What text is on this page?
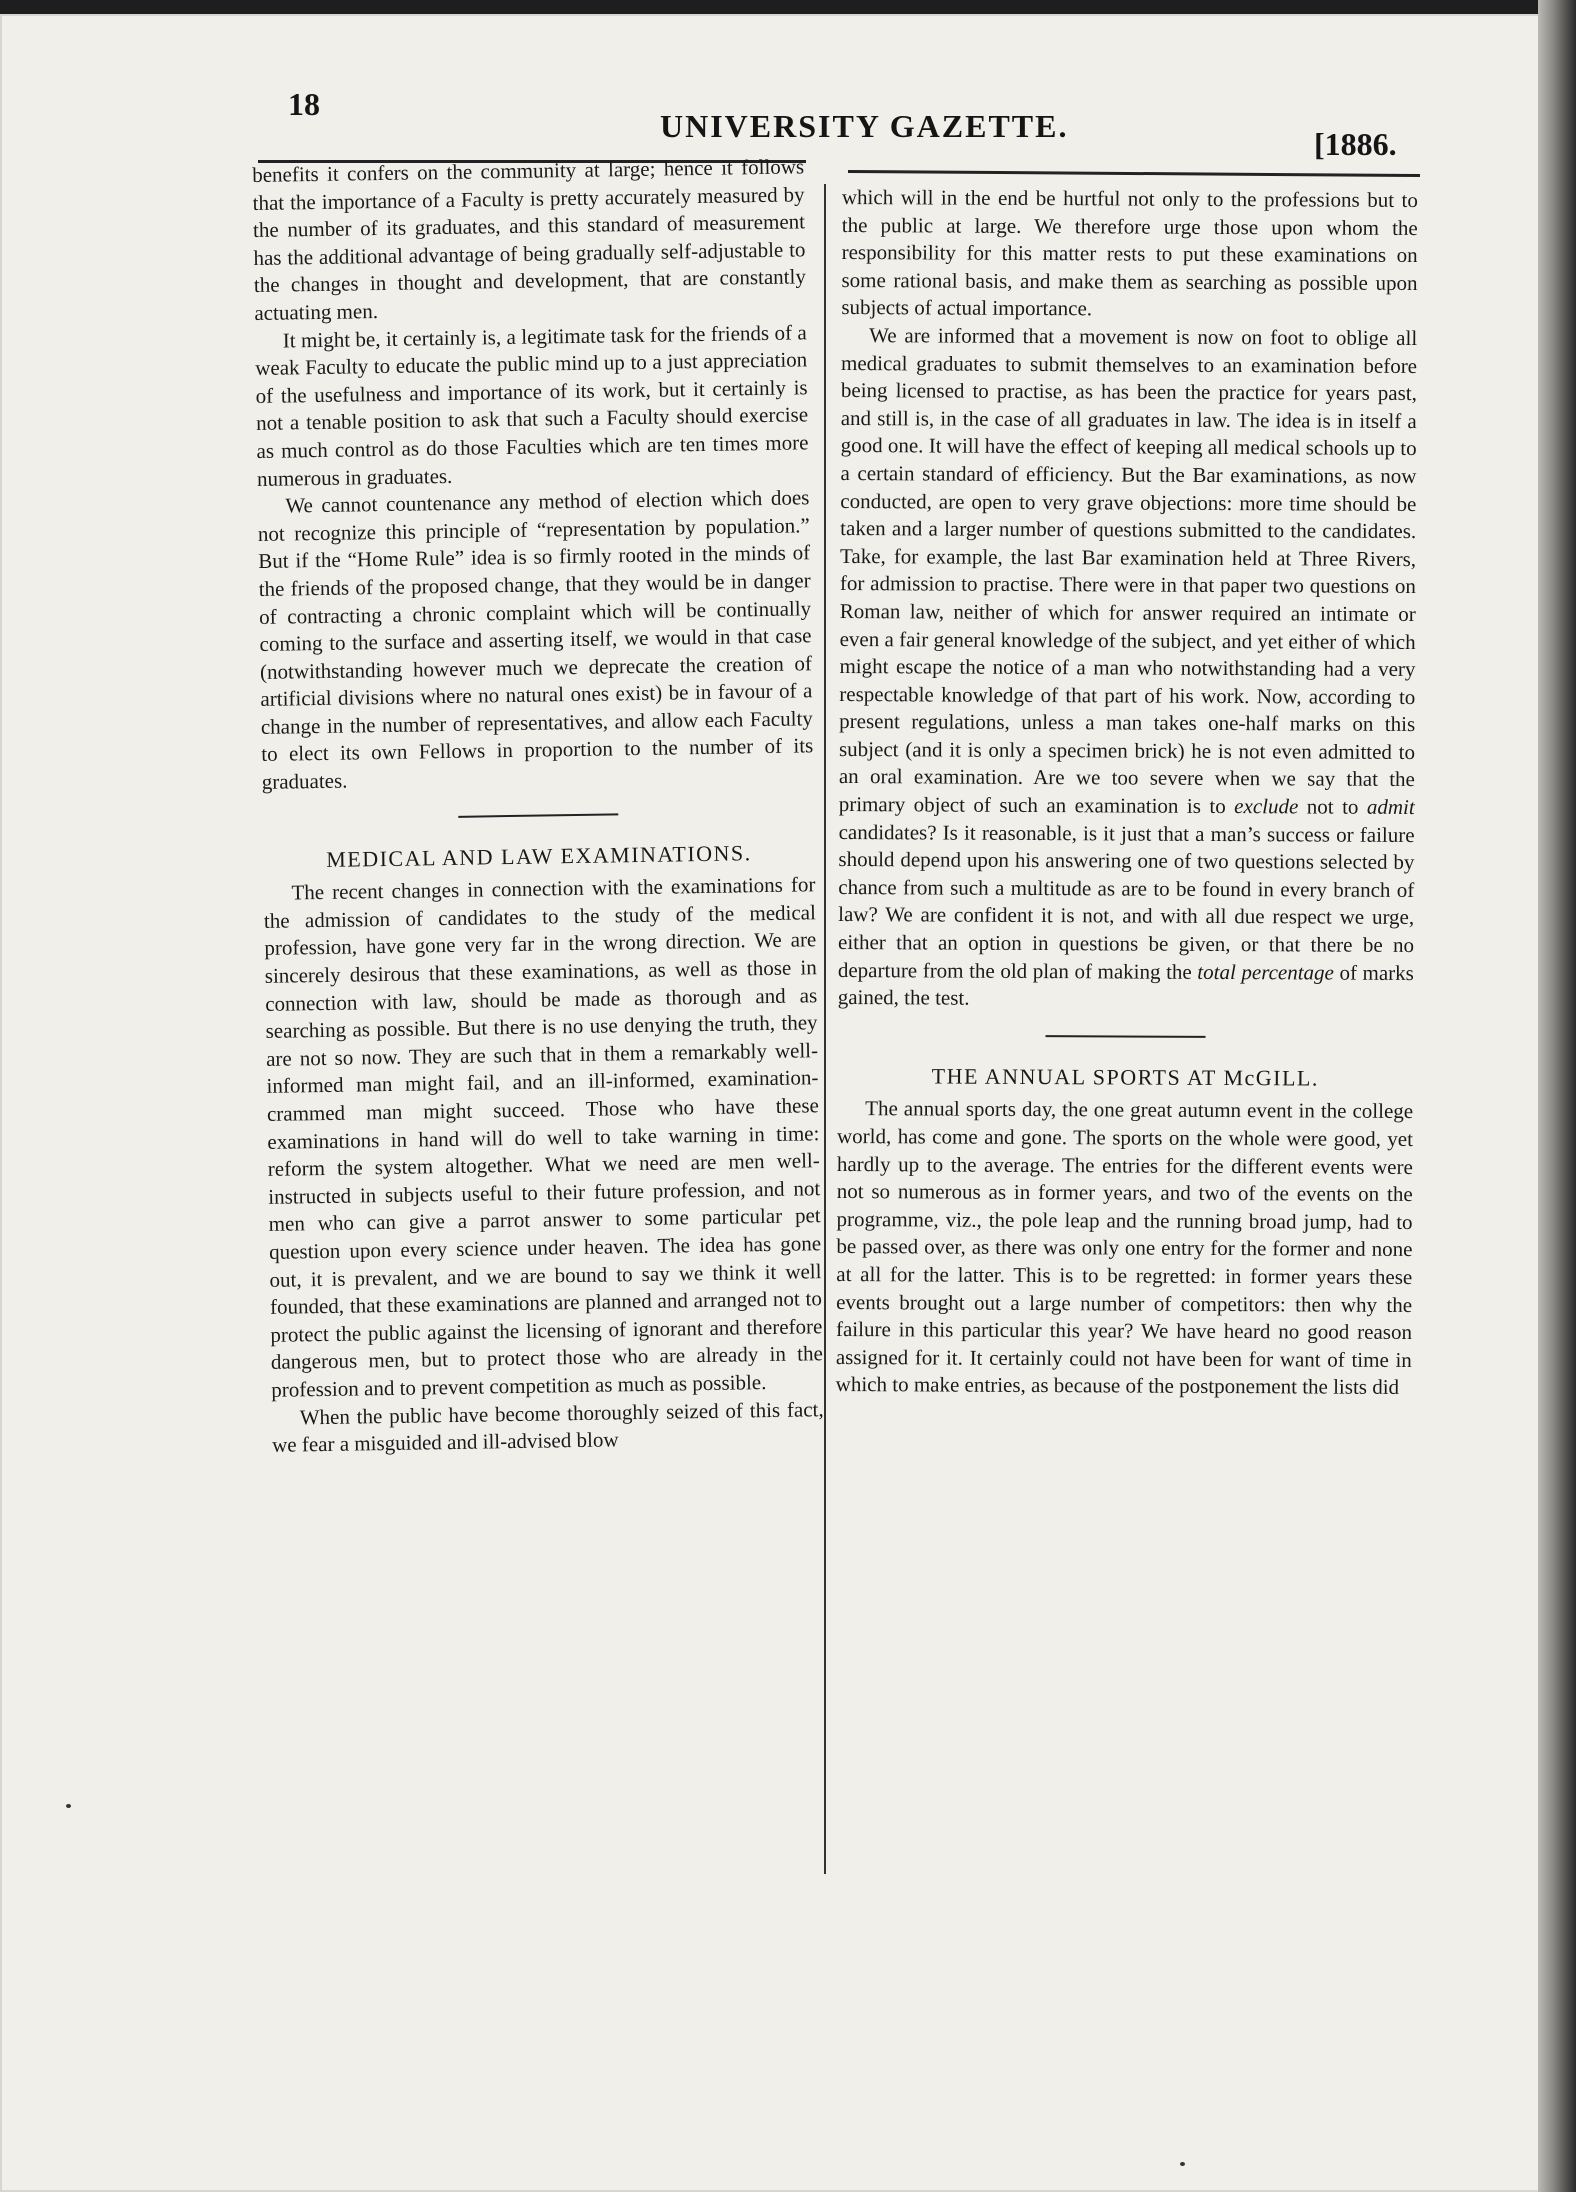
18
UNIVERSITY GAZETTE.	[1886.

benefits it confers on the community at large; hence it follows that the importance of a Faculty is pretty accurately measured by the number of its graduates, and this standard of measurement has the additional advantage of being gradually self-adjustable to the changes in thought and development, that are constantly actuating men.

It might be, it certainly is, a legitimate task for the friends of a weak Faculty to educate the public mind up to a just appreciation of the usefulness and importance of its work, but it certainly is not a tenable position to ask that such a Faculty should exercise as much control as do those Faculties which are ten times more numerous in graduates.

We cannot countenance any method of election which does not recognize this principle of “representation by population.” But if the “Home Rule” idea is so firmly rooted in the minds of the friends of the proposed change, that they would be in danger of contracting a chronic complaint which will be continually coming to the surface and asserting itself, we would in that case (notwithstanding however much we deprecate the creation of artificial divisions where no natural ones exist) be in favour of a change in the number of representatives, and allow each Faculty to elect its own Fellows in proportion to the number of its graduates.

MEDICAL AND LAW EXAMINATIONS.

The recent changes in connection with the examinations for the admission of candidates to the study of the medical profession, have gone very far in the wrong direction. We are sincerely desirous that these examinations, as well as those in connection with law, should be made as thorough and as searching as possible. But there is no use denying the truth, they are not so now. They are such that in them a remarkably well-informed man might fail, and an ill-informed, examination-crammed man might succeed. Those who have these examinations in hand will do well to take warning in time: reform the system altogether. What we need are men well-instructed in subjects useful to their future profession, and not men who can give a parrot answer to some particular pet question upon every science under heaven. The idea has gone out, it is prevalent, and we are bound to say we think it well founded, that these examinations are planned and arranged not to protect the public against the licensing of ignorant and therefore dangerous men, but to protect those who are already in the profession and to prevent competition as much as possible.

When the public have become thoroughly seized of this fact, we fear a misguided and ill-advised blow

which will in the end be hurtful not only to the professions but to the public at large. We therefore urge those upon whom the responsibility for this matter rests to put these examinations on some rational basis, and make them as searching as possible upon subjects of actual importance.

We are informed that a movement is now on foot to oblige all medical graduates to submit themselves to an examination before being licensed to practise, as has been the practice for years past, and still is, in the case of all graduates in law. The idea is in itself a good one. It will have the effect of keeping all medical schools up to a certain standard of efficiency. But the Bar examinations, as now conducted, are open to very grave objections: more time should be taken and a larger number of questions submitted to the candidates. Take, for example, the last Bar examination held at Three Rivers, for admission to practise. There were in that paper two questions on Roman law, neither of which for answer required an intimate or even a fair general knowledge of the subject, and yet either of which might escape the notice of a man who notwithstanding had a very respectable knowledge of that part of his work. Now, according to present regulations, unless a man takes one-half marks on this subject (and it is only a specimen brick) he is not even admitted to an oral examination. Are we too severe when we say that the primary object of such an examination is to exclude not to admit candidates? Is it reasonable, is it just that a man’s success or failure should depend upon his answering one of two questions selected by chance from such a multitude as are to be found in every branch of law? We are confident it is not, and with all due respect we urge, either that an option in questions be given, or that there be no departure from the old plan of making the total percentage of marks gained, the test.

THE ANNUAL SPORTS AT McGILL.

The annual sports day, the one great autumn event in the college world, has come and gone. The sports on the whole were good, yet hardly up to the average. The entries for the different events were not so numerous as in former years, and two of the events on the programme, viz., the pole leap and the running broad jump, had to be passed over, as there was only one entry for the former and none at all for the latter. This is to be regretted: in former years these events brought out a large number of competitors: then why the failure in this particular this year? We have heard no good reason assigned for it. It certainly could not have been for want of time in which to make entries, as because of the postponement the lists did
